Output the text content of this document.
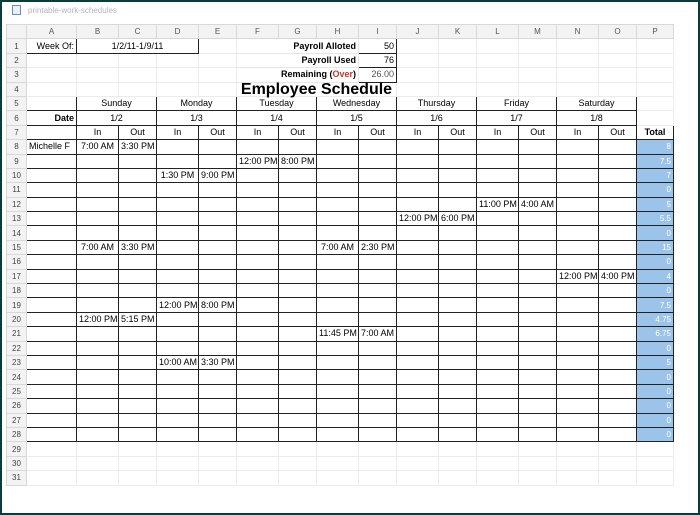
printable-work-schedules
	A	B	C	D	E	F	G	H	I	J	K	L	M	N	O	P
1	Week Of:	1/2/11-1/9/11				Payroll Alloted			50							
2						Payroll Used			76							
3						Remaining (Over)			26.00							
4						Employee Schedule										
5		Sunday		Monday		Tuesday		Wednesday		Thursday		Friday		Saturday		
6	Date	1/2		1/3		1/4		1/5		1/6		1/7		1/8		
7		In	Out	In	Out	In	Out	In	Out	In	Out	In	Out	In	Out	Total
8	Michelle F	7:00 AM	3:30 PM													8
9						12:00 PM	8:00 PM									7.5
10				1:30 PM	9:00 PM											7
11																0
12												11:00 PM	4:00 AM			5
13										12:00 PM	6:00 PM					5.5
14																0
15		7:00 AM	3:30 PM					7:00 AM	2:30 PM							15
16																0
17														12:00 PM	4:00 PM	4
18																0
19				12:00 PM	8:00 PM											7.5
20		12:00 PM	5:15 PM													4.75
21								11:45 PM	7:00 AM							6.75
22																0
23				10:00 AM	3:30 PM											5
24																0
25																0
26																0
27																0
28																0
29																
30																
31																
